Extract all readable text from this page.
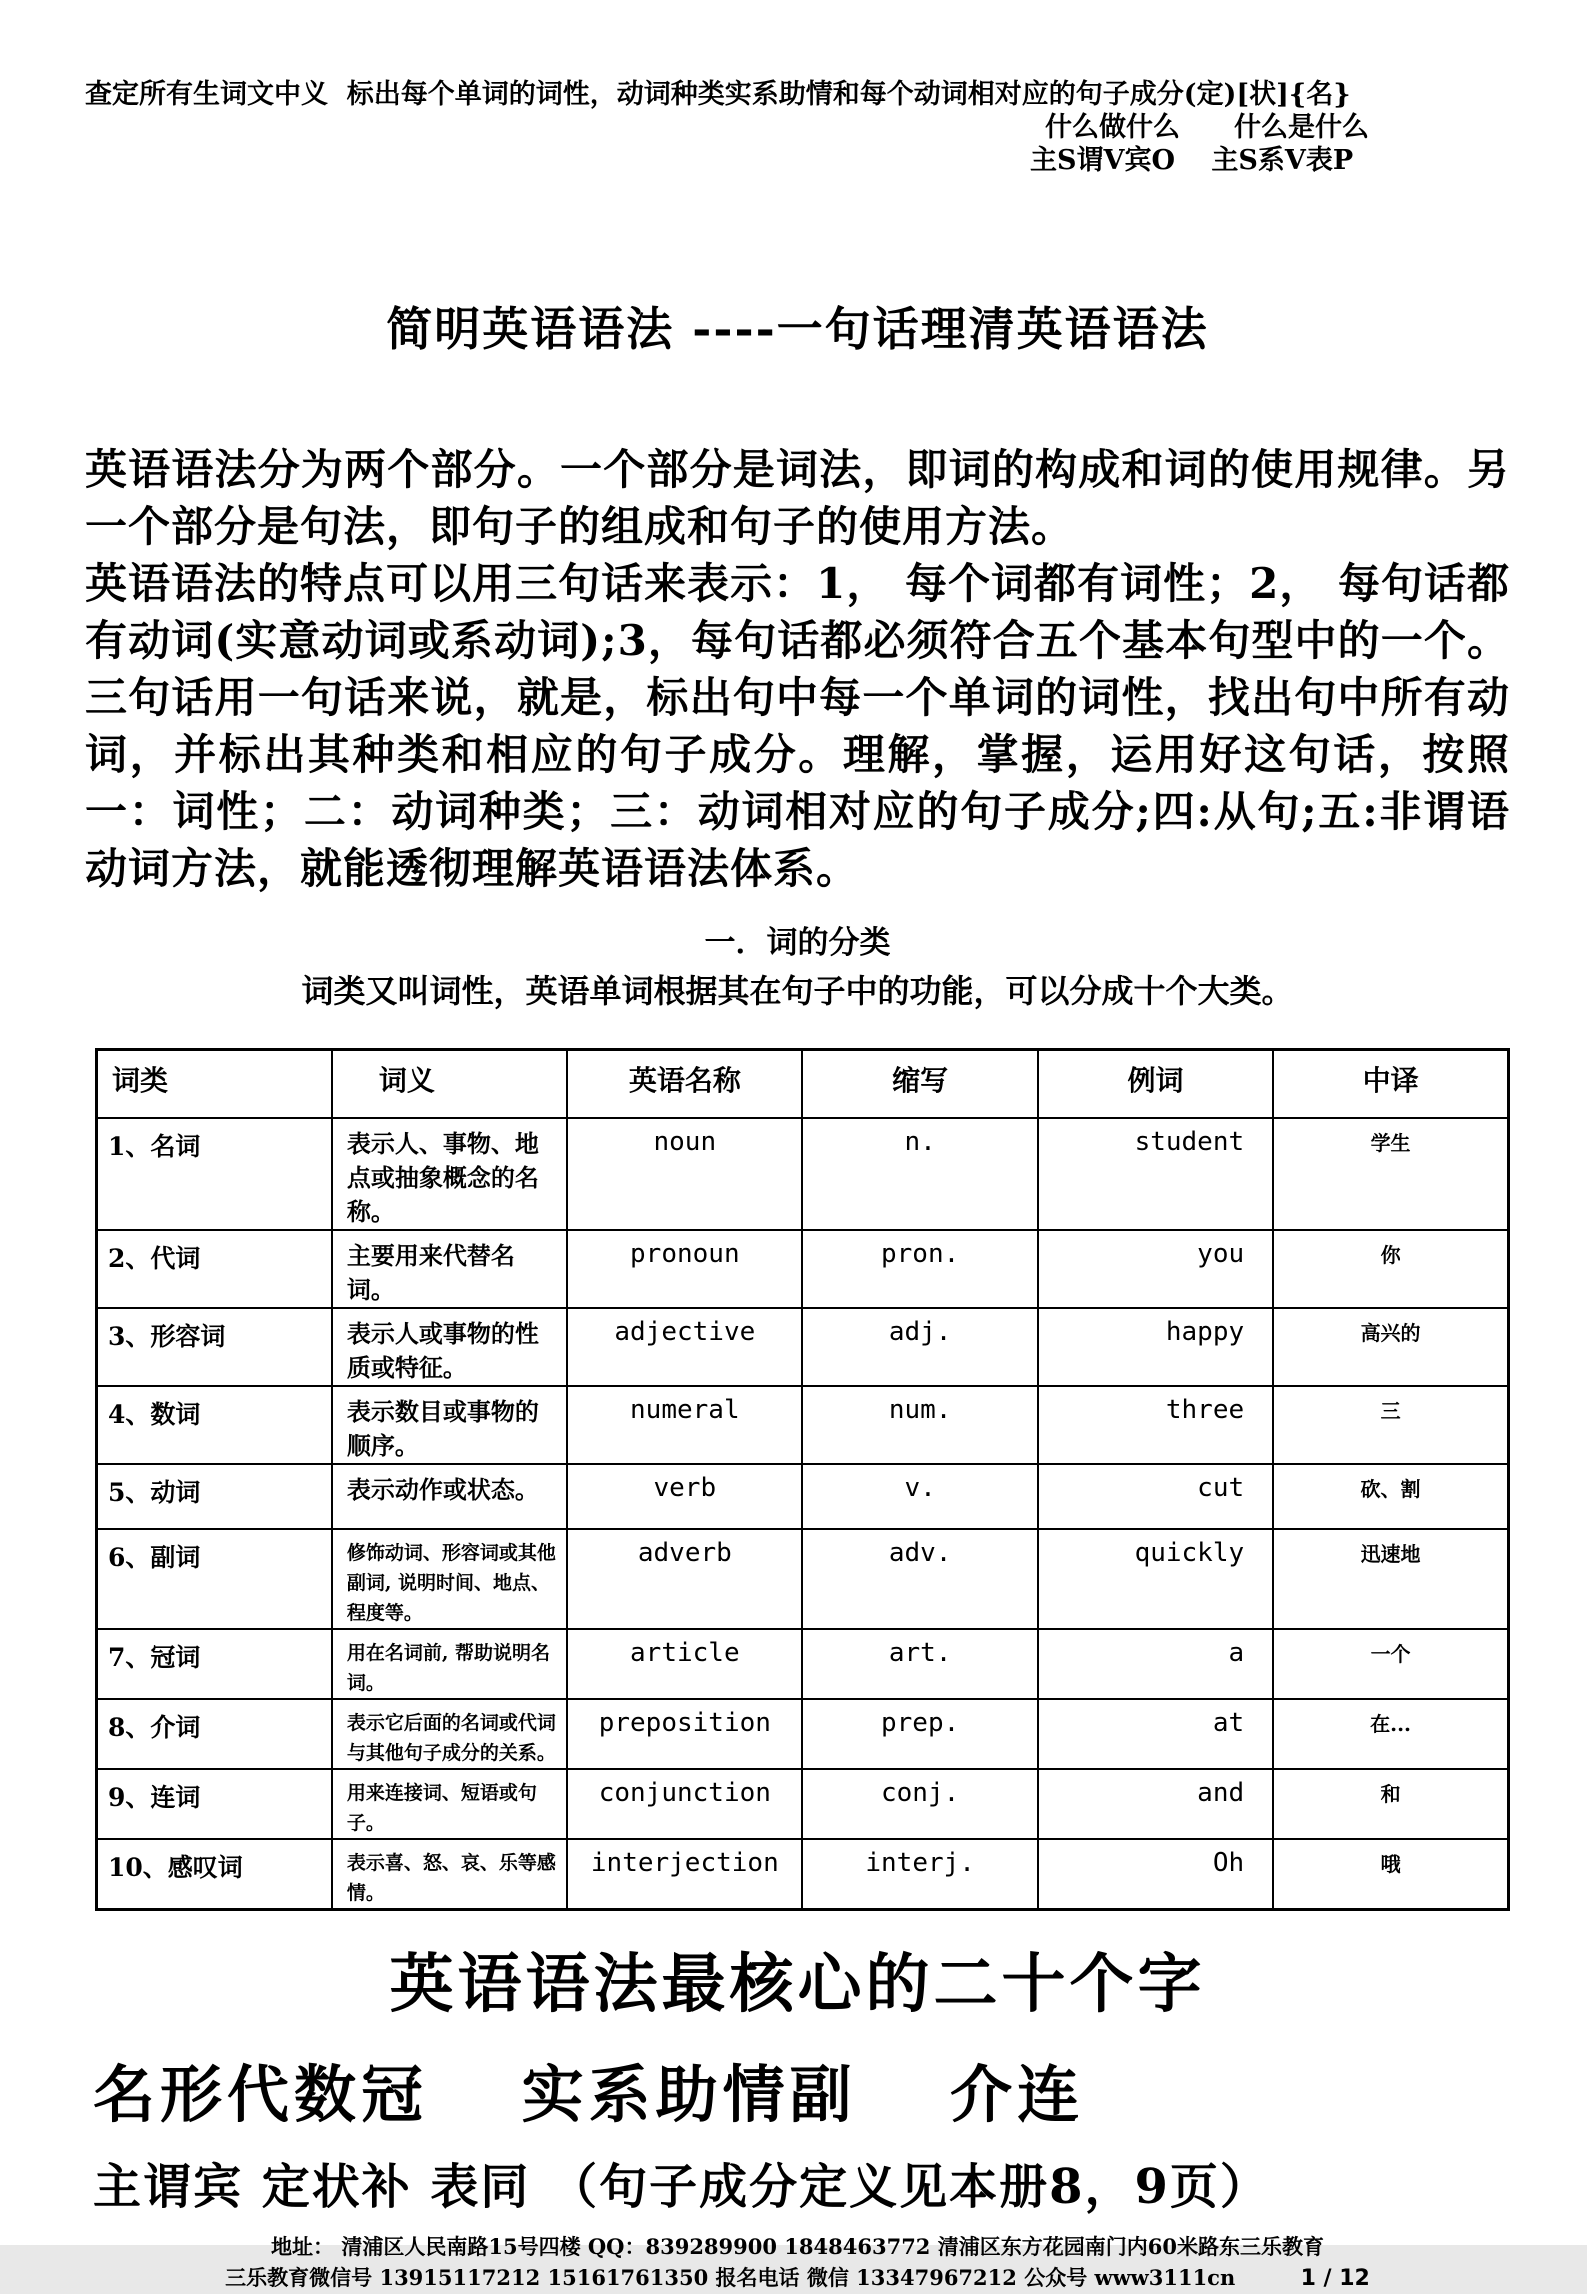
查定所有生词文中义  标出每个单词的词性，动词种类实系助情和每个动词相对应的句子成分(定)[状]{名}
什么做什么　　什么是什么
主S谓V宾O　 主S系V表P
简明英语语法 ----一句话理清英语语法

英语语法分为两个部分。一个部分是词法，即词的构成和词的使用规律。另一个部分是句法，即句子的组成和句子的使用方法。

英语语法的特点可以用三句话来表示：1， 每个词都有词性；2， 每句话都有动词(实意动词或系动词);3，每句话都必须符合五个基本句型中的一个。三句话用一句话来说，就是，标出句中每一个单词的词性，找出句中所有动词，并标出其种类和相应的句子成分。理解，掌握，运用好这句话，按照一：词性；二：动词种类；三：动词相对应的句子成分;四:从句;五:非谓语动词方法，就能透彻理解英语语法体系。

一．词的分类
词类又叫词性，英语单词根据其在句子中的功能，可以分成十个大类。
词类	词义	英语名称	缩写	例词	中译
1、名词	表示人、事物、地点或抽象概念的名称。	noun	n.	student	学生
2、代词	主要用来代替名词。	pronoun	pron.	you	你
3、形容词	表示人或事物的性质或特征。	adjective	adj.	happy	高兴的
4、数词	表示数目或事物的顺序。	numeral	num.	three	三
5、动词	表示动作或状态。	verb	v.	cut	砍、割
6、副词	修饰动词、形容词或其他副词, 说明时间、地点、程度等。	adverb	adv.	quickly	迅速地
7、冠词	用在名词前, 帮助说明名词。	article	art.	a	一个
8、介词	表示它后面的名词或代词与其他句子成分的关系。	preposition	prep.	at	在...
9、连词	用来连接词、短语或句子。	conjunction	conj.	and	和
10、感叹词	表示喜、怒、哀、乐等感情。	interjection	interj.	Oh	哦
英语语法最核心的二十个字
名形代数冠　 实系助情副　 介连
主谓宾 定状补 表同 （句子成分定义见本册8，9页）
地址： 清浦区人民南路15号四楼 QQ：839289900 1848463772 清浦区东方花园南门内60米路东三乐教育
三乐教育微信号 13915117212 15161761350 报名电话 微信 13347967212 公众号 www3111cn	1 / 12
